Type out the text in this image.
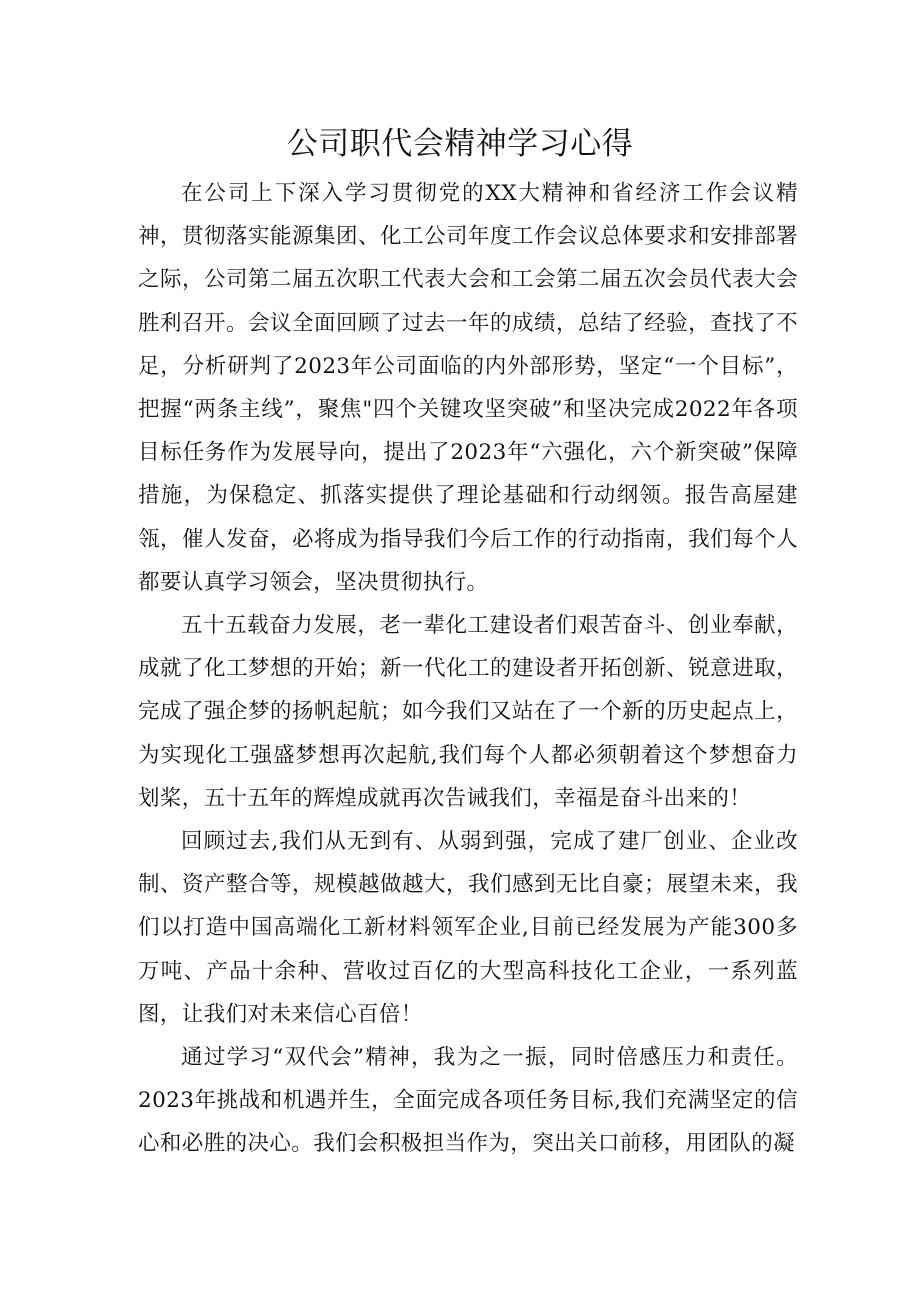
公司职代会精神学习心得

在公司上下深入学习贯彻党的XX大精神和省经济工作会议精神，贯彻落实能源集团、化工公司年度工作会议总体要求和安排部署之际，公司第二届五次职工代表大会和工会第二届五次会员代表大会胜利召开。会议全面回顾了过去一年的成绩，总结了经验，查找了不足，分析研判了2023年公司面临的内外部形势，坚定“一个目标”，把握“两条主线”，聚焦"四个关键攻坚突破”和坚决完成2022年各项目标任务作为发展导向，提出了2023年“六强化，六个新突破”保障措施，为保稳定、抓落实提供了理论基础和行动纲领。报告高屋建瓴，催人发奋，必将成为指导我们今后工作的行动指南，我们每个人都要认真学习领会，坚决贯彻执行。

五十五载奋力发展，老一辈化工建设者们艰苦奋斗、创业奉献，成就了化工梦想的开始；新一代化工的建设者开拓创新、锐意进取，完成了强企梦的扬帆起航；如今我们又站在了一个新的历史起点上，为实现化工强盛梦想再次起航,我们每个人都必须朝着这个梦想奋力划桨，五十五年的辉煌成就再次告诫我们，幸福是奋斗出来的！

回顾过去,我们从无到有、从弱到强，完成了建厂创业、企业改制、资产整合等，规模越做越大，我们感到无比自豪；展望未来，我们以打造中国高端化工新材料领军企业,目前已经发展为产能300多万吨、产品十余种、营收过百亿的大型高科技化工企业，一系列蓝图，让我们对未来信心百倍！

通过学习“双代会”精神，我为之一振，同时倍感压力和责任。2023年挑战和机遇并生，全面完成各项任务目标,我们充满坚定的信心和必胜的决心。我们会积极担当作为，突出关口前移，用团队的凝
